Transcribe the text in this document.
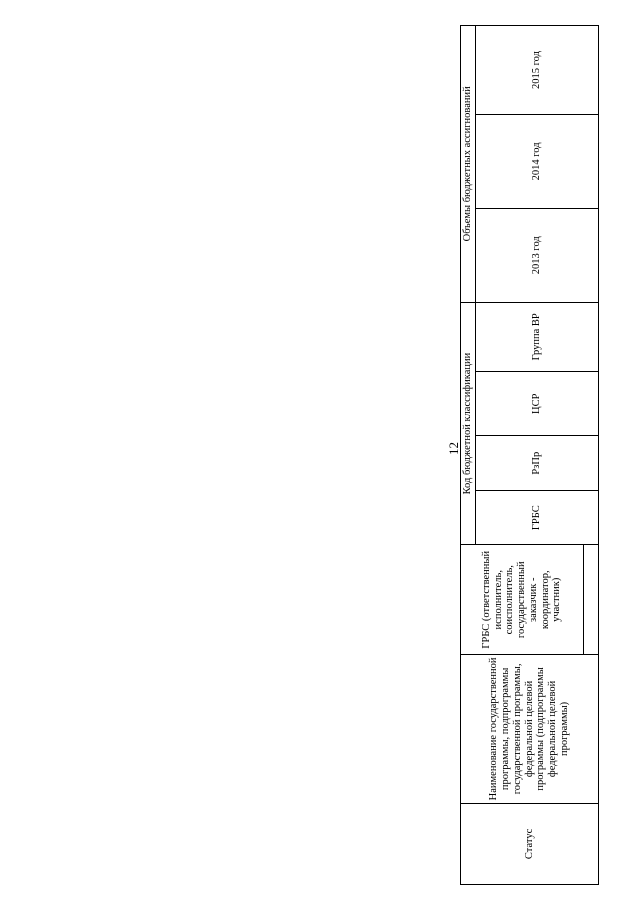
12
Статус	Наименование государственной программы, подпрограммы государственной программы, федеральной целевой программы (подпрограммы федеральной целевой программы)	ГРБС (ответственный исполнитель, соисполнитель, государственный заказчик - координатор, участник)	Код бюджетной классификации				Объемы бюджетных ассигнований		
			ГРБС	РзПр	ЦСР	Группа ВР	2013 год	2014 год	2015 год
